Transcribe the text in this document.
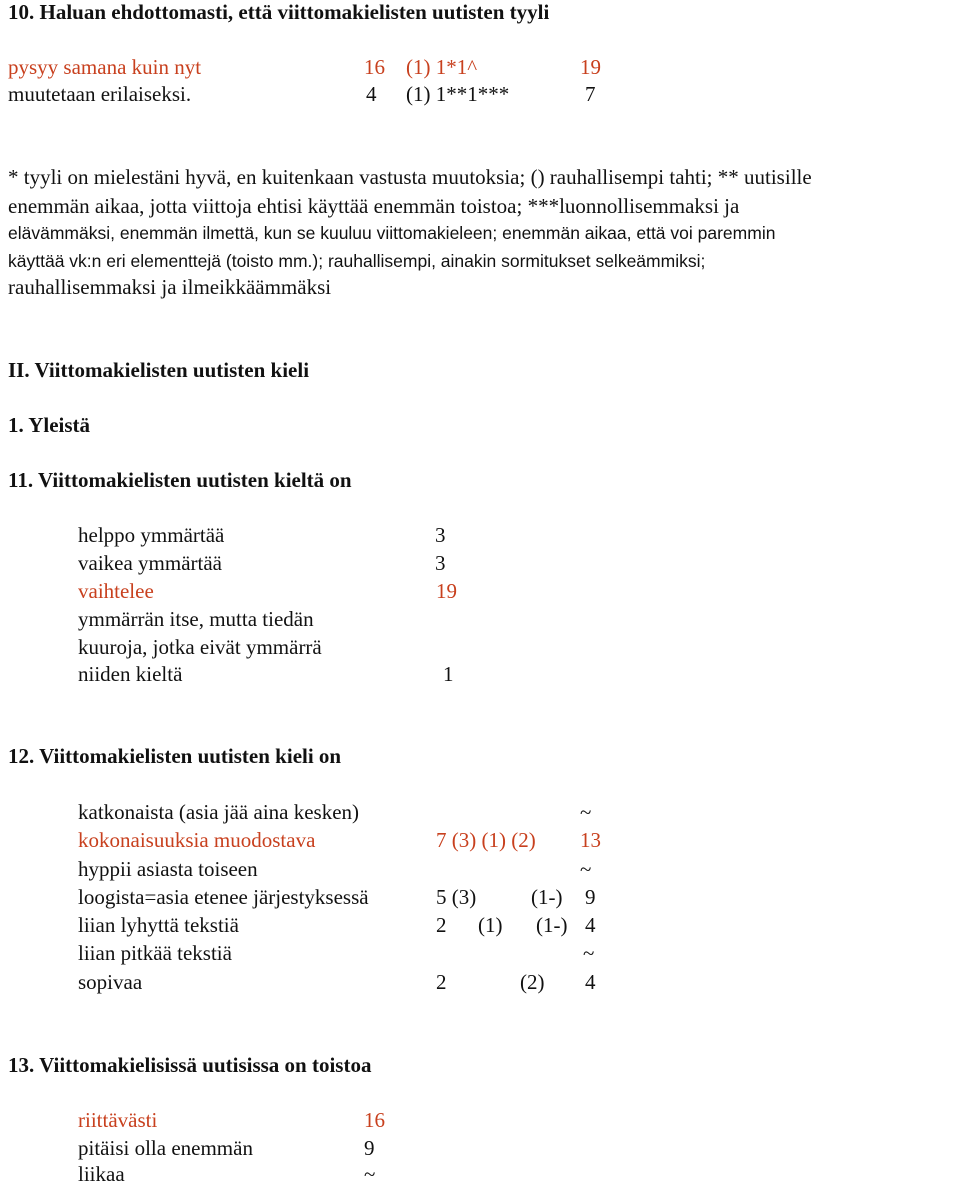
10. Haluan ehdottomasti, että viittomakielisten uutisten tyyli
pysyy samana kuin nyt	16 (1) 1*1^	19
muutetaan erilaiseksi.	4 (1) 1**1***	7
* tyyli on mielestäni hyvä, en kuitenkaan vastusta muutoksia; () rauhallisempi tahti; ** uutisille
enemmän aikaa, jotta viittoja ehtisi käyttää enemmän toistoa; ***luonnollisemmaksi ja
elävämmäksi, enemmän ilmettä, kun se kuuluu viittomakieleen; enemmän aikaa, että voi paremmin
käyttää vk:n eri elementtejä (toisto mm.); rauhallisempi, ainakin sormitukset selkeämmiksi;
rauhallisemmaksi ja ilmeikkäämmäksi
II. Viittomakielisten uutisten kieli
1. Yleistä
11. Viittomakielisten uutisten kieltä on
helppo ymmärtää	3
vaikea ymmärtää	3
vaihtelee	19
ymmärrän itse, mutta tiedän
kuuroja, jotka eivät ymmärrä
niiden kieltä	1
12. Viittomakielisten uutisten kieli on
katkonaista (asia jää aina kesken)	~
kokonaisuuksia muodostava	7 (3) (1) (2) 13
hyppii asiasta toiseen	~
loogista=asia etenee järjestyksessä	5 (3)	(1-) 9
liian lyhyttä tekstiä	2 (1) (1-) 4
liian pitkää tekstiä	~
sopivaa	2	(2) 4
13. Viittomakielisissä uutisissa on toistoa
riittävästi	16
pitäisi olla enemmän	9
liikaa	~
